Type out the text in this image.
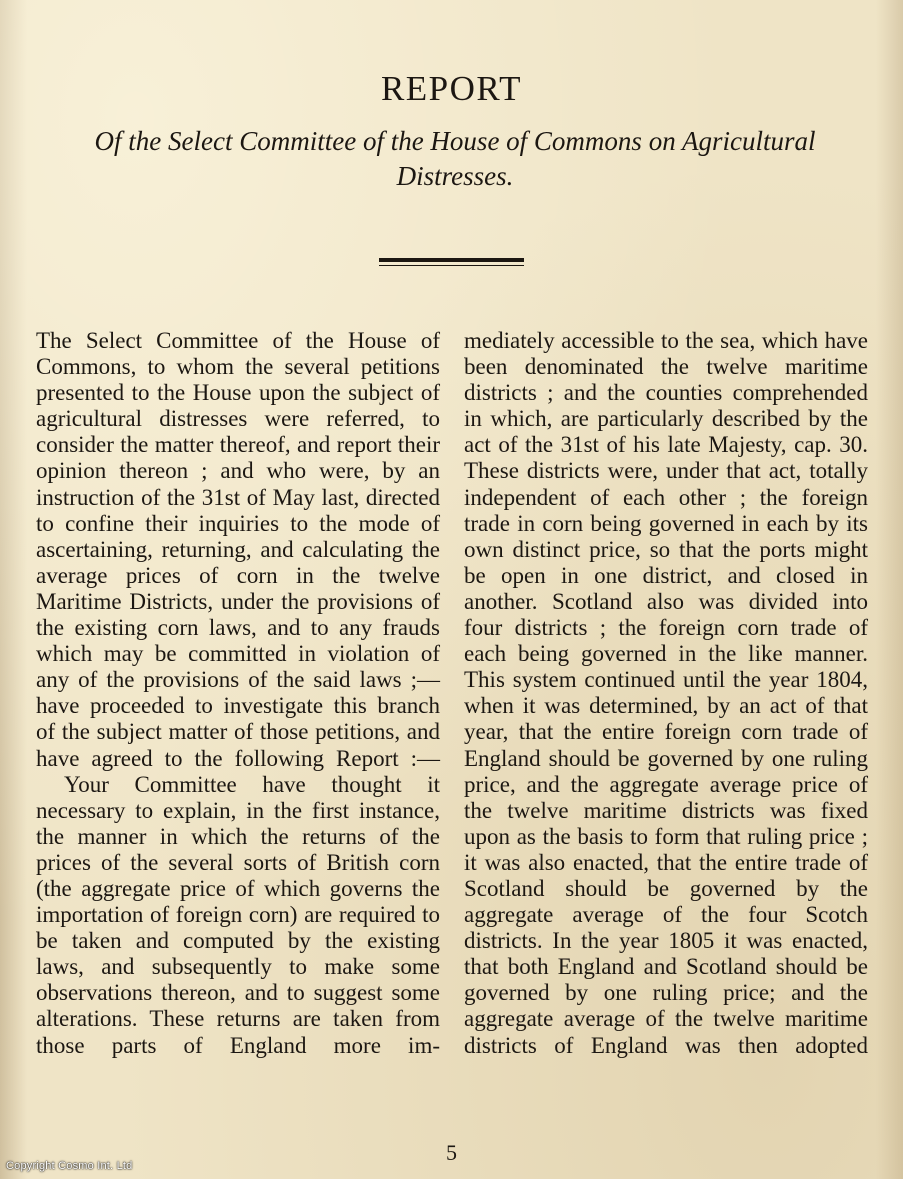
REPORT
Of the Select Committee of the House of Commons on Agricultural Distresses.

The Select Committee of the House of Commons, to whom the several petitions presented to the House upon the subject of agricultural distresses were referred, to consider the matter thereof, and report their opinion thereon ; and who were, by an instruction of the 31st of May last, directed to confine their inquiries to the mode of ascertaining, returning, and calculating the average prices of corn in the twelve Maritime Districts, under the provisions of the existing corn laws, and to any frauds which may be committed in violation of any of the provisions of the said laws ;—have proceeded to investigate this branch of the subject matter of those petitions, and have agreed to the following Report :—

Your Committee have thought it necessary to explain, in the first instance, the manner in which the returns of the prices of the several sorts of British corn (the aggregate price of which governs the importation of foreign corn) are required to be taken and computed by the existing laws, and subsequently to make some observations thereon, and to suggest some alterations. These returns are taken from those parts of England more im-

mediately accessible to the sea, which have been denominated the twelve maritime districts ; and the counties comprehended in which, are particularly described by the act of the 31st of his late Majesty, cap. 30. These districts were, under that act, totally independent of each other ; the foreign trade in corn being governed in each by its own distinct price, so that the ports might be open in one district, and closed in another. Scotland also was divided into four districts ; the foreign corn trade of each being governed in the like manner. This system continued until the year 1804, when it was determined, by an act of that year, that the entire foreign corn trade of England should be governed by one ruling price, and the aggregate average price of the twelve maritime districts was fixed upon as the basis to form that ruling price ; it was also enacted, that the entire trade of Scotland should be governed by the aggregate average of the four Scotch districts. In the year 1805 it was enacted, that both England and Scotland should be governed by one ruling price; and the aggregate average of the twelve maritime districts of England was then adopted

5
Copyright Cosmo Int. Ltd
